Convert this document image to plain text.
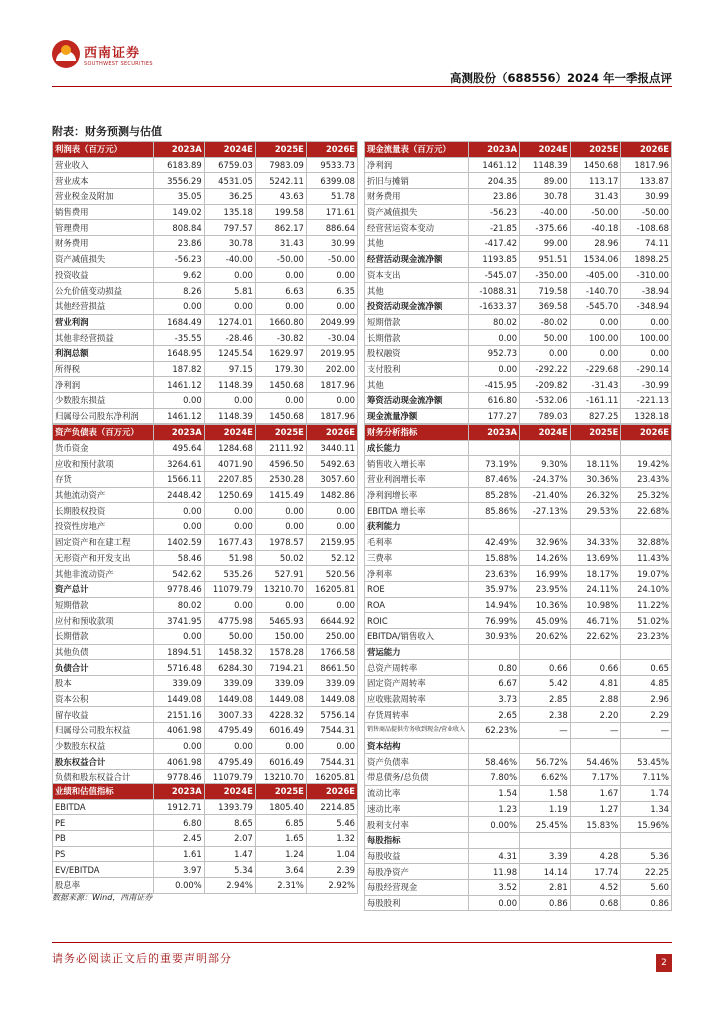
西南证券
SOUTHWEST SECURITIES
高测股份（688556）2024 年一季报点评
附表：财务预测与估值
利润表（百万元）	2023A	2024E	2025E	2026E
营业收入	6183.89	6759.03	7983.09	9533.73
营业成本	3556.29	4531.05	5242.11	6399.08
营业税金及附加	35.05	36.25	43.63	51.78
销售费用	149.02	135.18	199.58	171.61
管理费用	808.84	797.57	862.17	886.64
财务费用	23.86	30.78	31.43	30.99
资产减值损失	-56.23	-40.00	-50.00	-50.00
投资收益	9.62	0.00	0.00	0.00
公允价值变动损益	8.26	5.81	6.63	6.35
其他经营损益	0.00	0.00	0.00	0.00
营业利润	1684.49	1274.01	1660.80	2049.99
其他非经营损益	-35.55	-28.46	-30.82	-30.04
利润总额	1648.95	1245.54	1629.97	2019.95
所得税	187.82	97.15	179.30	202.00
净利润	1461.12	1148.39	1450.68	1817.96
少数股东损益	0.00	0.00	0.00	0.00
归属母公司股东净利润	1461.12	1148.39	1450.68	1817.96
现金流量表（百万元）	2023A	2024E	2025E	2026E
净利润	1461.12	1148.39	1450.68	1817.96
折旧与摊销	204.35	89.00	113.17	133.87
财务费用	23.86	30.78	31.43	30.99
资产减值损失	-56.23	-40.00	-50.00	-50.00
经营营运资本变动	-21.85	-375.66	-40.18	-108.68
其他	-417.42	99.00	28.96	74.11
经营活动现金流净额	1193.85	951.51	1534.06	1898.25
资本支出	-545.07	-350.00	-405.00	-310.00
其他	-1088.31	719.58	-140.70	-38.94
投资活动现金流净额	-1633.37	369.58	-545.70	-348.94
短期借款	80.02	-80.02	0.00	0.00
长期借款	0.00	50.00	100.00	100.00
股权融资	952.73	0.00	0.00	0.00
支付股利	0.00	-292.22	-229.68	-290.14
其他	-415.95	-209.82	-31.43	-30.99
筹资活动现金流净额	616.80	-532.06	-161.11	-221.13
现金流量净额	177.27	789.03	827.25	1328.18
资产负债表（百万元）	2023A	2024E	2025E	2026E
货币资金	495.64	1284.68	2111.92	3440.11
应收和预付款项	3264.61	4071.90	4596.50	5492.63
存货	1566.11	2207.85	2530.28	3057.60
其他流动资产	2448.42	1250.69	1415.49	1482.86
长期股权投资	0.00	0.00	0.00	0.00
投资性房地产	0.00	0.00	0.00	0.00
固定资产和在建工程	1402.59	1677.43	1978.57	2159.95
无形资产和开发支出	58.46	51.98	50.02	52.12
其他非流动资产	542.62	535.26	527.91	520.56
资产总计	9778.46	11079.79	13210.70	16205.81
短期借款	80.02	0.00	0.00	0.00
应付和预收款项	3741.95	4775.98	5465.93	6644.92
长期借款	0.00	50.00	150.00	250.00
其他负债	1894.51	1458.32	1578.28	1766.58
负债合计	5716.48	6284.30	7194.21	8661.50
股本	339.09	339.09	339.09	339.09
资本公积	1449.08	1449.08	1449.08	1449.08
留存收益	2151.16	3007.33	4228.32	5756.14
归属母公司股东权益	4061.98	4795.49	6016.49	7544.31
少数股东权益	0.00	0.00	0.00	0.00
股东权益合计	4061.98	4795.49	6016.49	7544.31
负债和股东权益合计	9778.46	11079.79	13210.70	16205.81
财务分析指标	2023A	2024E	2025E	2026E
成长能力				
销售收入增长率	73.19%	9.30%	18.11%	19.42%
营业利润增长率	87.46%	-24.37%	30.36%	23.43%
净利润增长率	85.28%	-21.40%	26.32%	25.32%
EBITDA 增长率	85.86%	-27.13%	29.53%	22.68%
获利能力				
毛利率	42.49%	32.96%	34.33%	32.88%
三费率	15.88%	14.26%	13.69%	11.43%
净利率	23.63%	16.99%	18.17%	19.07%
ROE	35.97%	23.95%	24.11%	24.10%
ROA	14.94%	10.36%	10.98%	11.22%
ROIC	76.99%	45.09%	46.71%	51.02%
EBITDA/销售收入	30.93%	20.62%	22.62%	23.23%
营运能力				
总资产周转率	0.80	0.66	0.66	0.65
固定资产周转率	6.67	5.42	4.81	4.85
应收账款周转率	3.73	2.85	2.88	2.96
存货周转率	2.65	2.38	2.20	2.29
销售商品提供劳务收到现金/营业收入	62.23%	—	—	—
资本结构				
资产负债率	58.46%	56.72%	54.46%	53.45%
带息债务/总负债	7.80%	6.62%	7.17%	7.11%
流动比率	1.54	1.58	1.67	1.74
速动比率	1.23	1.19	1.27	1.34
股利支付率	0.00%	25.45%	15.83%	15.96%
每股指标				
每股收益	4.31	3.39	4.28	5.36
每股净资产	11.98	14.14	17.74	22.25
每股经营现金	3.52	2.81	4.52	5.60
每股股利	0.00	0.86	0.68	0.86
业绩和估值指标	2023A	2024E	2025E	2026E
EBITDA	1912.71	1393.79	1805.40	2214.85
PE	6.80	8.65	6.85	5.46
PB	2.45	2.07	1.65	1.32
PS	1.61	1.47	1.24	1.04
EV/EBITDA	3.97	5.34	3.64	2.39
股息率	0.00%	2.94%	2.31%	2.92%
数据来源：Wind，西南证券
请务必阅读正文后的重要声明部分	2
